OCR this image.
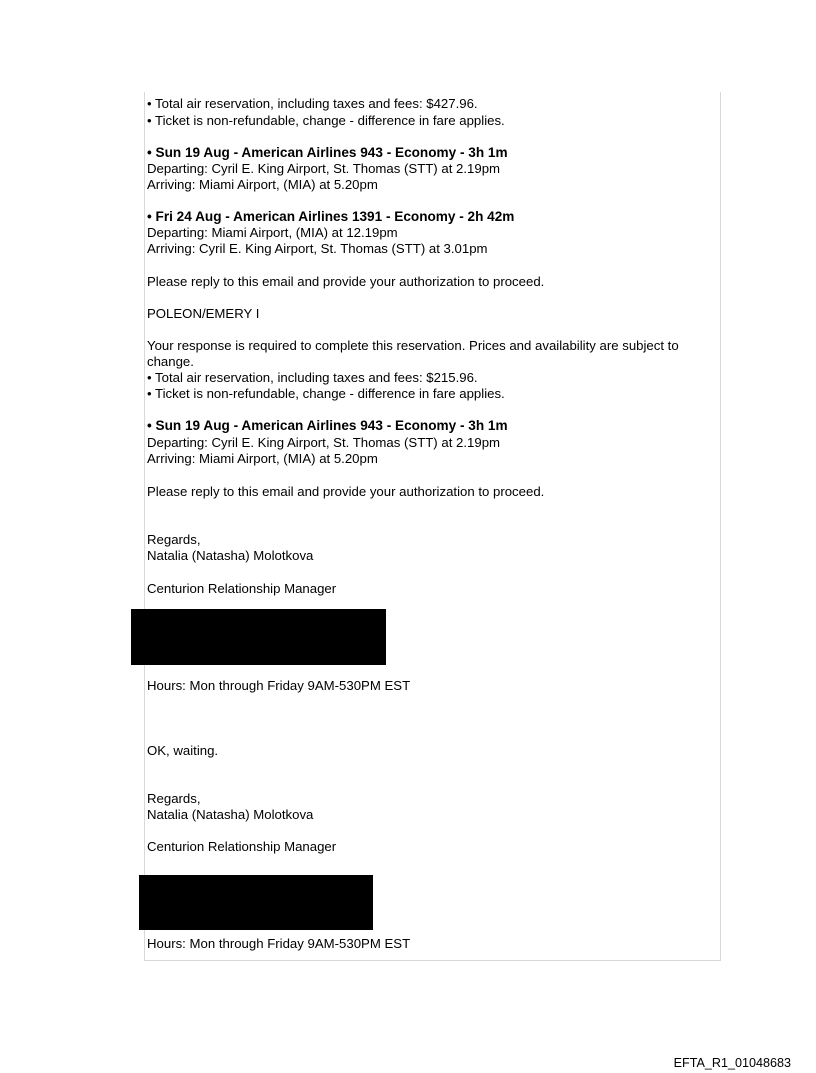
• Total air reservation, including taxes and fees: $427.96.
• Ticket is non-refundable, change - difference in fare applies.
• Sun 19 Aug - American Airlines 943 - Economy - 3h 1m
Departing: Cyril E. King Airport, St. Thomas (STT) at 2.19pm
Arriving: Miami Airport, (MIA) at 5.20pm
• Fri 24 Aug - American Airlines 1391 - Economy - 2h 42m
Departing: Miami Airport, (MIA) at 12.19pm
Arriving: Cyril E. King Airport, St. Thomas (STT) at 3.01pm
Please reply to this email and provide your authorization to proceed.
POLEON/EMERY I
Your response is required to complete this reservation. Prices and availability are subject to
change.
• Total air reservation, including taxes and fees: $215.96.
• Ticket is non-refundable, change - difference in fare applies.
• Sun 19 Aug - American Airlines 943 - Economy - 3h 1m
Departing: Cyril E. King Airport, St. Thomas (STT) at 2.19pm
Arriving: Miami Airport, (MIA) at 5.20pm
Please reply to this email and provide your authorization to proceed.
Regards,
Natalia (Natasha) Molotkova
Centurion Relationship Manager
Hours: Mon through Friday 9AM-530PM EST
OK, waiting.
Regards,
Natalia (Natasha) Molotkova
Centurion Relationship Manager
Hours: Mon through Friday 9AM-530PM EST
EFTA_R1_01048683
